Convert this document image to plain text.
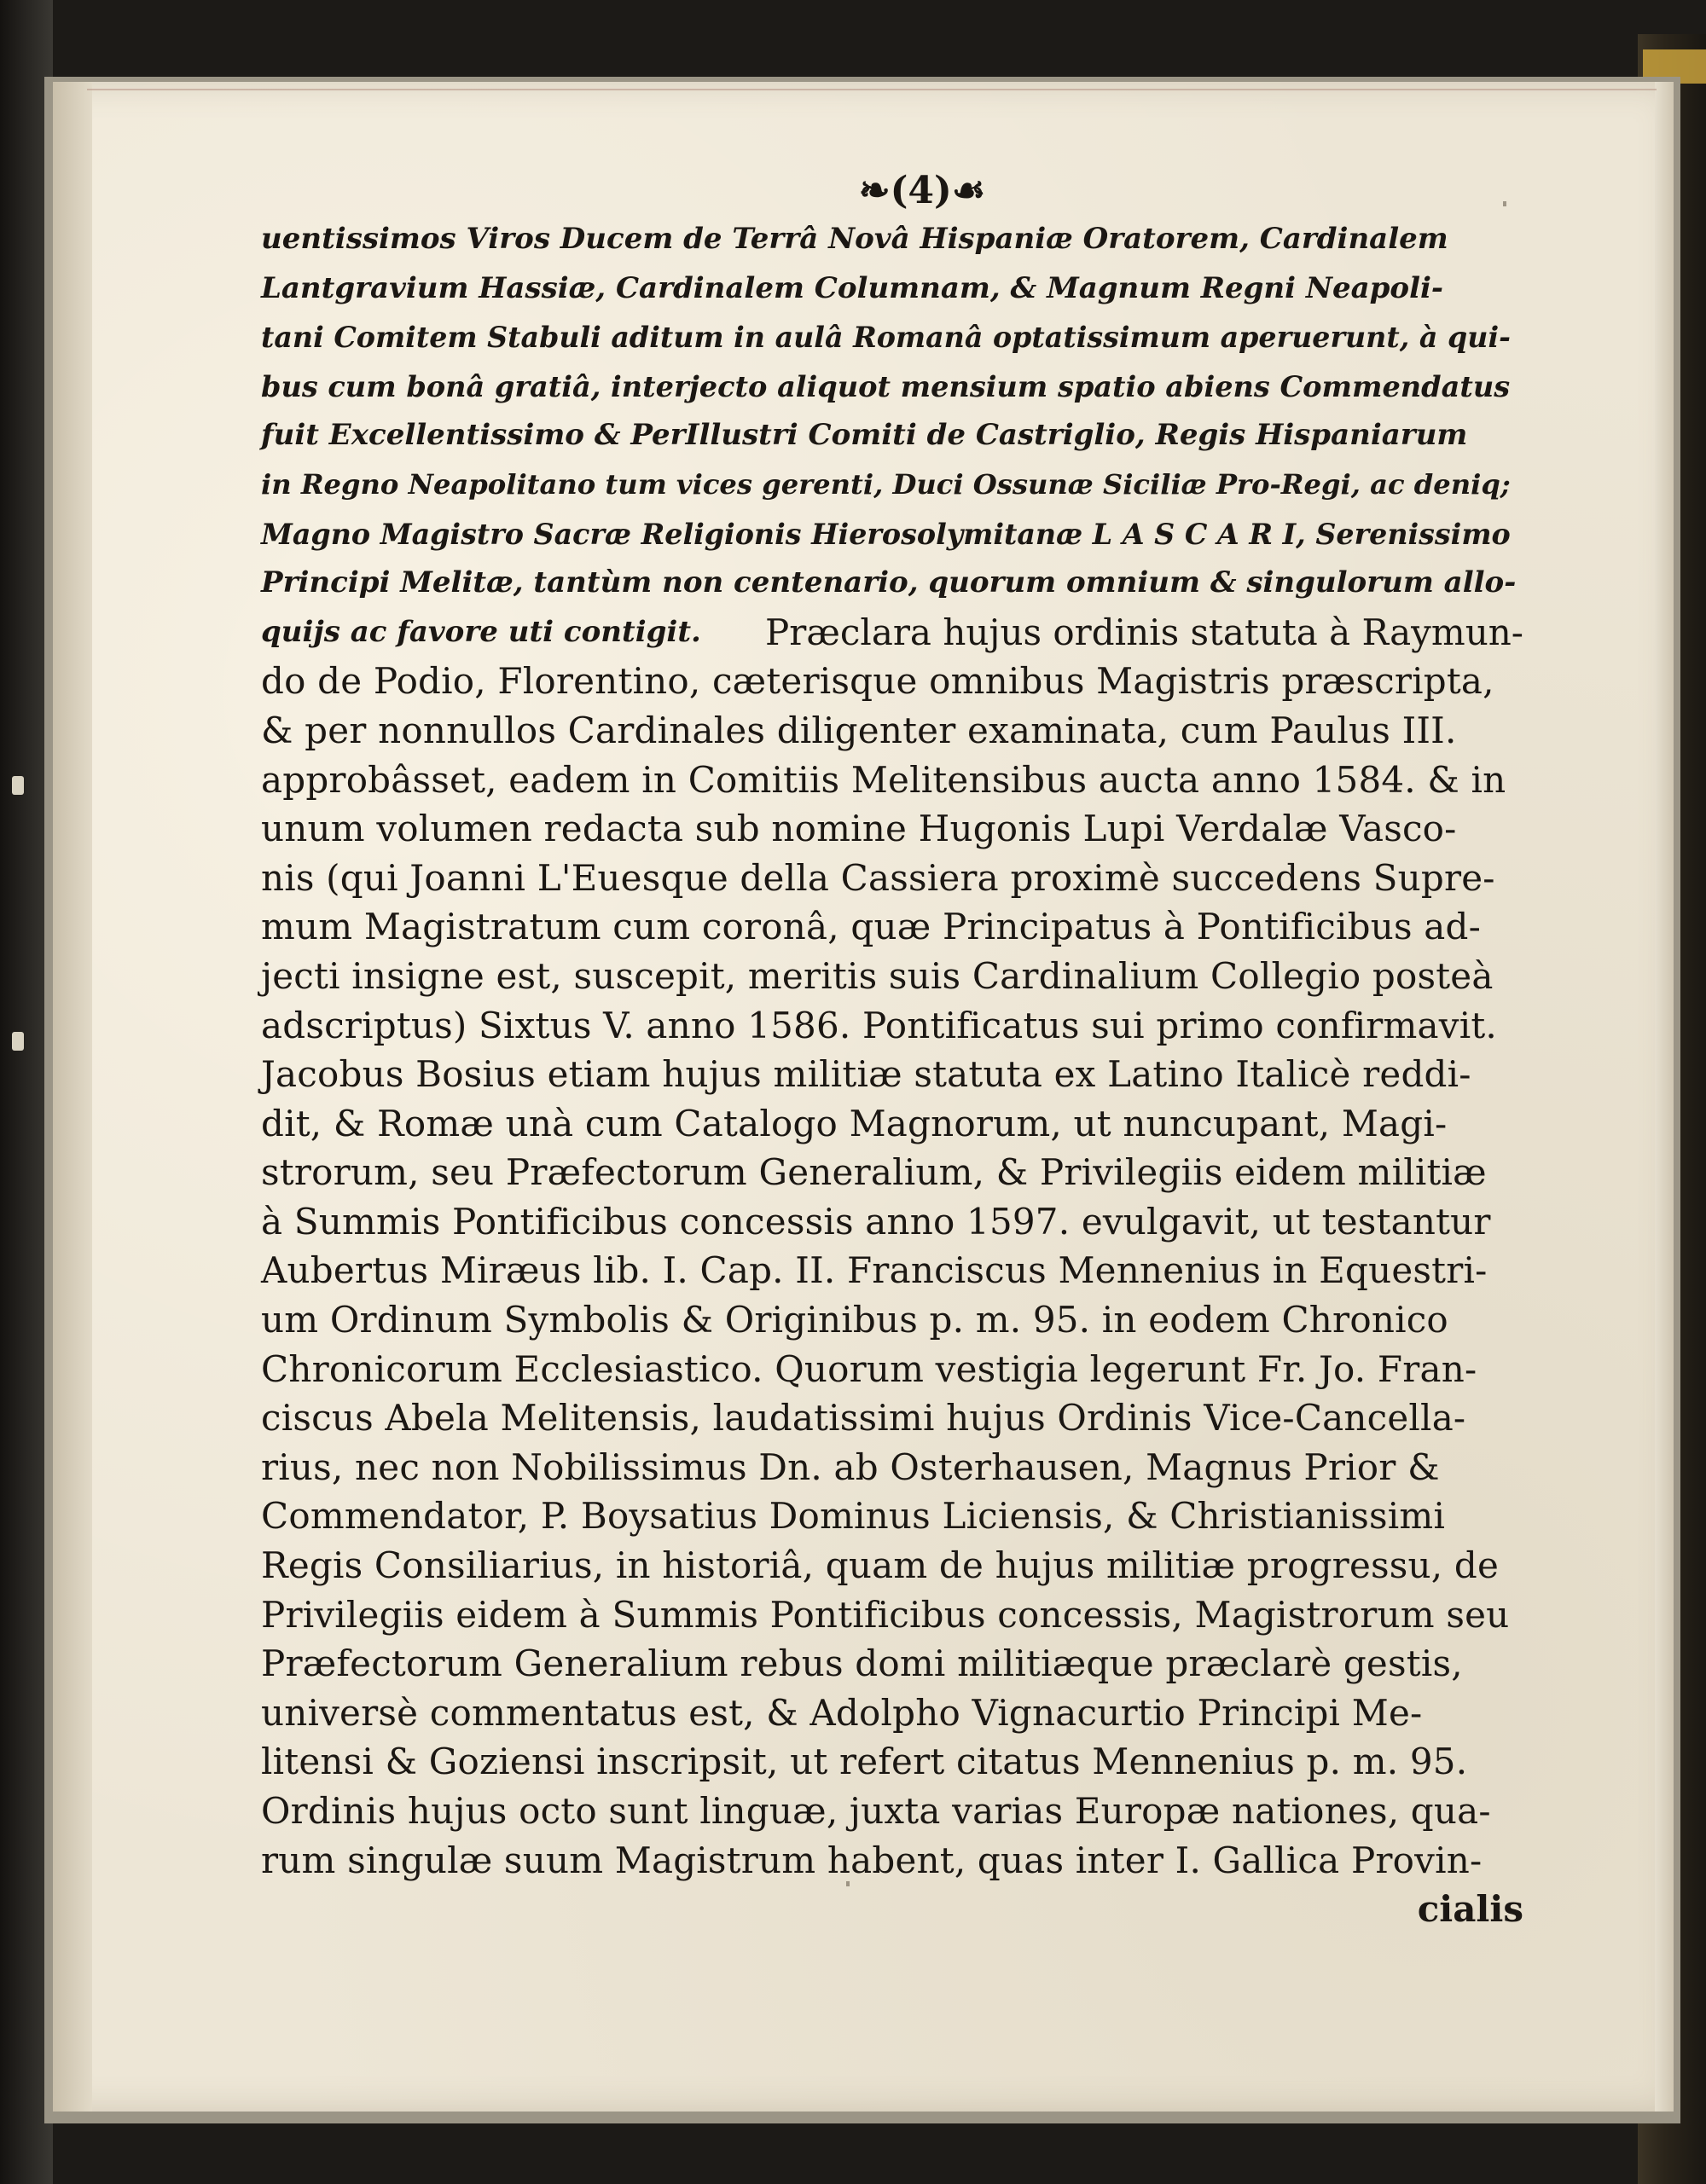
❧(4)☙
uentissimos Viros Ducem de Terrâ Novâ Hispaniæ Oratorem, Cardinalem
Lantgravium Hassiæ, Cardinalem Columnam, & Magnum Regni Neapoli-
tani Comitem Stabuli aditum in aulâ Romanâ optatissimum aperuerunt, à qui-
bus cum bonâ gratiâ, interjecto aliquot mensium spatio abiens Commendatus
fuit Excellentissimo & PerIllustri Comiti de Castriglio, Regis Hispaniarum
in Regno Neapolitano tum vices gerenti, Duci Ossunæ Siciliæ Pro-Regi, ac deniq;
Magno Magistro Sacræ Religionis Hierosolymitanæ L A S C A R I, Serenissimo
Principi Melitæ, tantùm non centenario, quorum omnium & singulorum allo-
quijs ac favore uti contigit. Præclara hujus ordinis statuta à Raymun-
do de Podio, Florentino, cæterisque omnibus Magistris præscripta,
& per nonnullos Cardinales diligenter examinata, cum Paulus III.
approbâsset, eadem in Comitiis Melitensibus aucta anno 1584. & in
unum volumen redacta sub nomine Hugonis Lupi Verdalæ Vasco-
nis (qui Joanni L'Euesque della Cassiera proximè succedens Supre-
mum Magistratum cum coronâ, quæ Principatus à Pontificibus ad-
jecti insigne est, suscepit, meritis suis Cardinalium Collegio posteà
adscriptus) Sixtus V. anno 1586. Pontificatus sui primo confirmavit.
Jacobus Bosius etiam hujus militiæ statuta ex Latino Italicè reddi-
dit, & Romæ unà cum Catalogo Magnorum, ut nuncupant, Magi-
strorum, seu Præfectorum Generalium, & Privilegiis eidem militiæ
à Summis Pontificibus concessis anno 1597. evulgavit, ut testantur
Aubertus Miræus lib. I. Cap. II. Franciscus Mennenius in Equestri-
um Ordinum Symbolis & Originibus p. m. 95. in eodem Chronico
Chronicorum Ecclesiastico. Quorum vestigia legerunt Fr. Jo. Fran-
ciscus Abela Melitensis, laudatissimi hujus Ordinis Vice-Cancella-
rius, nec non Nobilissimus Dn. ab Osterhausen, Magnus Prior &
Commendator, P. Boysatius Dominus Liciensis, & Christianissimi
Regis Consiliarius, in historiâ, quam de hujus militiæ progressu, de
Privilegiis eidem à Summis Pontificibus concessis, Magistrorum seu
Præfectorum Generalium rebus domi militiæque præclarè gestis,
universè commentatus est, & Adolpho Vignacurtio Principi Me-
litensi & Goziensi inscripsit, ut refert citatus Mennenius p. m. 95.
Ordinis hujus octo sunt linguæ, juxta varias Europæ nationes, qua-
rum singulæ suum Magistrum habent, quas inter I. Gallica Provin-
cialis
